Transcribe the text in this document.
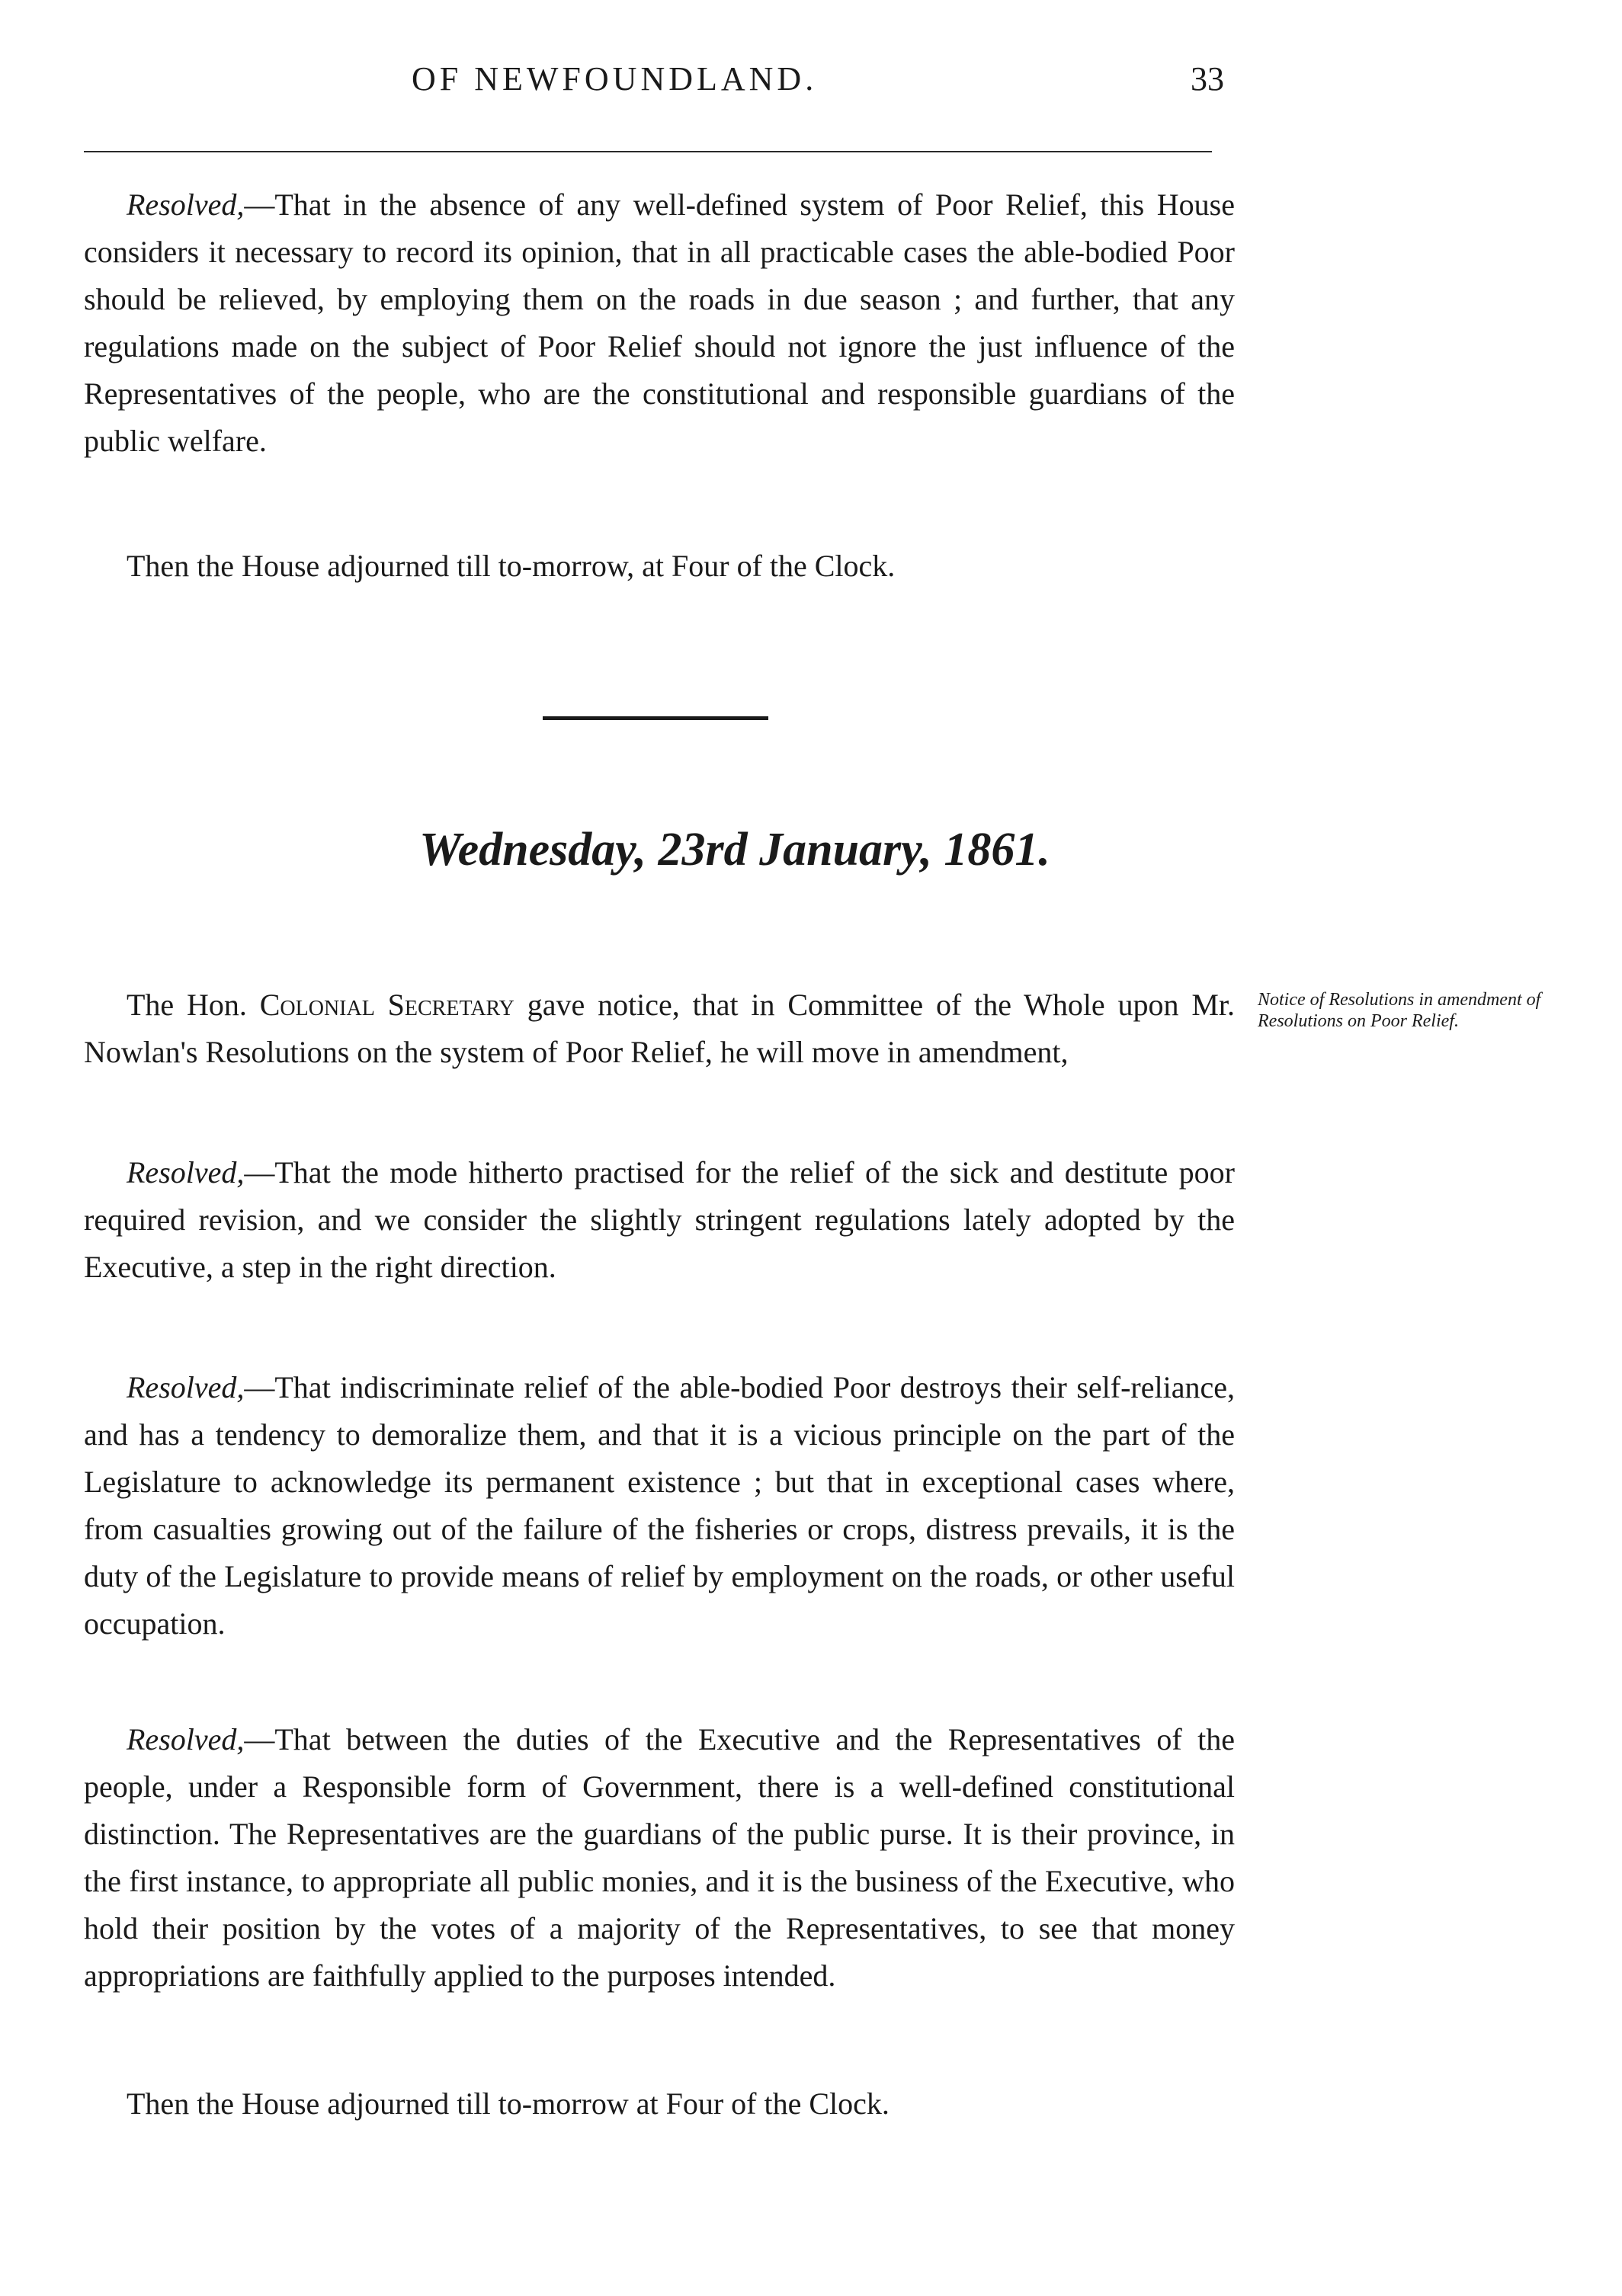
OF NEWFOUNDLAND.	33

Resolved,—That in the absence of any well-defined system of Poor Relief, this House considers it necessary to record its opinion, that in all practicable cases the able-bodied Poor should be relieved, by employing them on the roads in due season ; and further, that any regulations made on the subject of Poor Relief should not ignore the just influence of the Representatives of the people, who are the constitutional and responsible guardians of the public welfare.

Then the House adjourned till to-morrow, at Four of the Clock.

Wednesday, 23rd January, 1861.

The Hon. Colonial Secretary gave notice, that in Committee of the Whole upon Mr. Nowlan's Resolutions on the system of Poor Relief, he will move in amendment,

Notice of Resolutions in amendment of Resolutions on Poor Relief.

Resolved,—That the mode hitherto practised for the relief of the sick and destitute poor required revision, and we consider the slightly stringent regulations lately adopted by the Executive, a step in the right direction.

Resolved,—That indiscriminate relief of the able-bodied Poor destroys their self-reliance, and has a tendency to demoralize them, and that it is a vicious principle on the part of the Legislature to acknowledge its permanent existence ; but that in exceptional cases where, from casualties growing out of the failure of the fisheries or crops, distress prevails, it is the duty of the Legislature to provide means of relief by employment on the roads, or other useful occupation.

Resolved,—That between the duties of the Executive and the Representatives of the people, under a Responsible form of Government, there is a well-defined constitutional distinction. The Representatives are the guardians of the public purse. It is their province, in the first instance, to appropriate all public monies, and it is the business of the Executive, who hold their position by the votes of a majority of the Representatives, to see that money appropriations are faithfully applied to the purposes intended.

Then the House adjourned till to-morrow at Four of the Clock.
